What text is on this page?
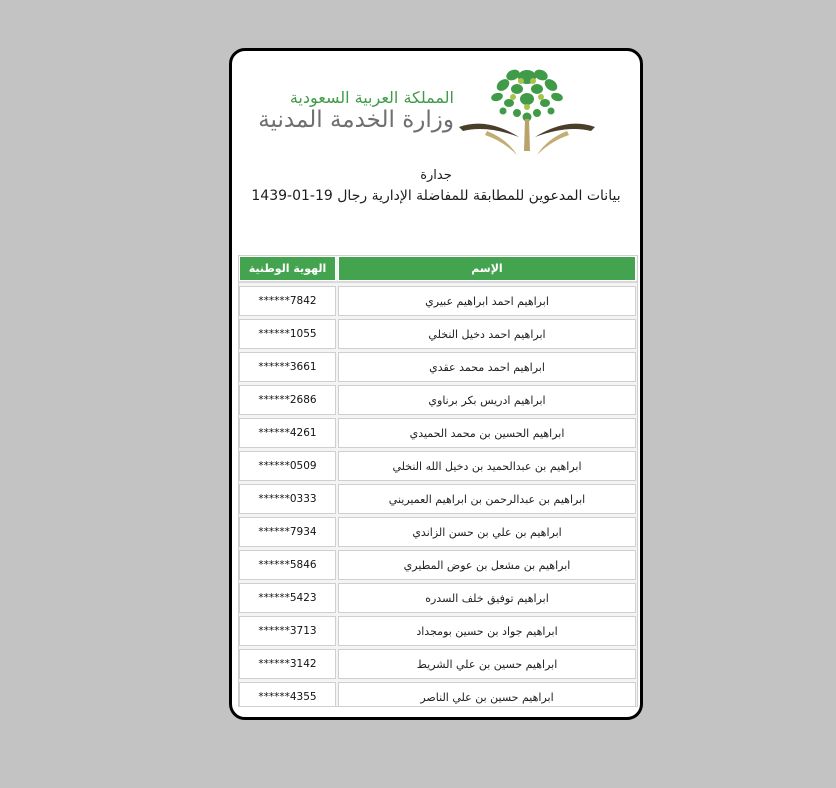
المملكة العربية السعودية
وزارة الخدمة المدنية
جدارة
بيانات المدعوين للمطابقة للمفاضلة الإدارية رجال 19-01-1439
الهوية الوطنية	الإسم
******7842	ابراهيم احمد ابراهيم عبيري
******1055	ابراهيم احمد دخيل النخلي
******3661	ابراهيم احمد محمد عقدي
******2686	ابراهيم ادريس بكر برناوي
******4261	ابراهيم الحسين بن محمد الحميدي
******0509	ابراهيم بن عبدالحميد بن دخيل الله النخلي
******0333	ابراهيم بن عبدالرحمن بن ابراهيم العميريني
******7934	ابراهيم بن علي بن حسن الزاندي
******5846	ابراهيم بن مشعل بن عوض المطيري
******5423	ابراهيم توفيق خلف السدره
******3713	ابراهيم جواد بن حسين بومجداد
******3142	ابراهيم حسين بن علي الشريط
******4355	ابراهيم حسين بن علي الناصر
